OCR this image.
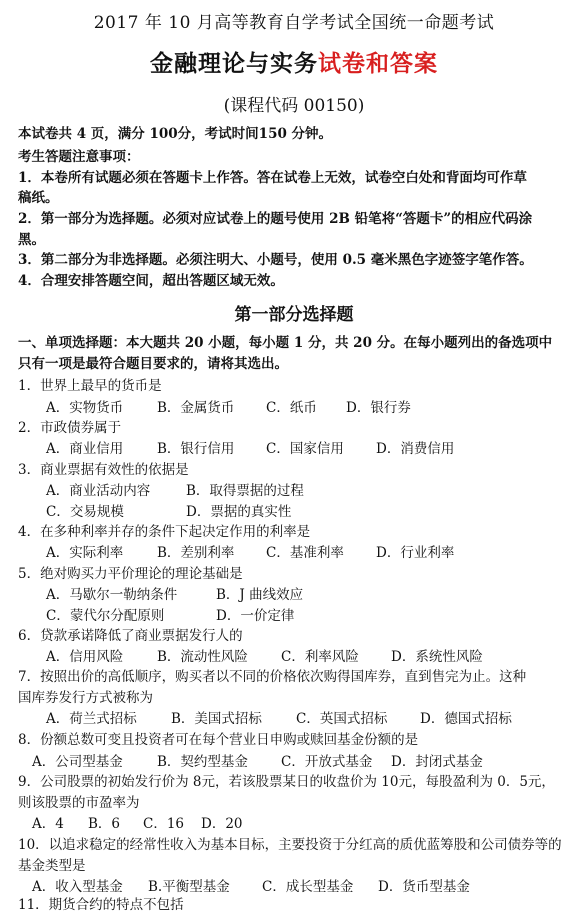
2017 年 10 月高等教育自学考试全国统一命题考试
金融理论与实务试卷和答案
(课程代码 00150)
本试卷共 4 页，满分 100分，考试时间150 分钟。
考生答题注意事项：
1．本卷所有试题必须在答题卡上作答。答在试卷上无效，试卷空白处和背面均可作草
稿纸。
2．第一部分为选择题。必须对应试卷上的题号使用 2B 铅笔将“答题卡”的相应代码涂
黑。
3．第二部分为非选择题。必须注明大、小题号，使用 0.5 毫米黑色字迹签字笔作答。
4．合理安排答题空间，超出答题区域无效。
第一部分选择题
一、单项选择题：本大题共 20 小题，每小题 1 分，共 20 分。在每小题列出的备选项中
只有一项是最符合题目要求的，请将其选出。
1．世界上最早的货币是
A．实物货币	B．金属货币 C．纸币 D．银行券
2．市政债券属于
A．商业信用	B．银行信用 C．国家信用 D．消费信用
3．商业票据有效性的依据是
A．商业活动内容	B．取得票据的过程
C．交易规模	D．票据的真实性
4．在多种利率并存的条件下起决定作用的利率是
A．实际利率	B．差别利率 C．基准利率 D．行业利率
5．绝对购买力平价理论的理论基础是
A．马歇尔一勒纳条件	B．J 曲线效应
C．蒙代尔分配原则	D．一价定律
6．贷款承诺降低了商业票据发行人的
A．信用风险	B．流动性风险 C．利率风险 D．系统性风险
7．按照出价的高低顺序，购买者以不同的价格依次购得国库券，直到售完为止。这种
国库券发行方式被称为
A．荷兰式招标	B．美国式招标	C．英国式招标 D．德国式招标
8．份额总数可变且投资者可在每个营业日申购或赎回基金份额的是
A．公司型基金	B．契约型基金 C．开放式基金 D．封闭式基金
9．公司股票的初始发行价为 8元，若该股票某日的收盘价为 10元，每股盈利为 0．5元，
则该股票的市盈率为
A．4 B．6 C．16 D．20
10．以追求稳定的经常性收入为基本目标，主要投资于分红高的质优蓝筹股和公司债券等的
基金类型是
A．收入型基金 B.平衡型基金 C．成长型基金 D．货币型基金
11．期货合约的特点不包括
